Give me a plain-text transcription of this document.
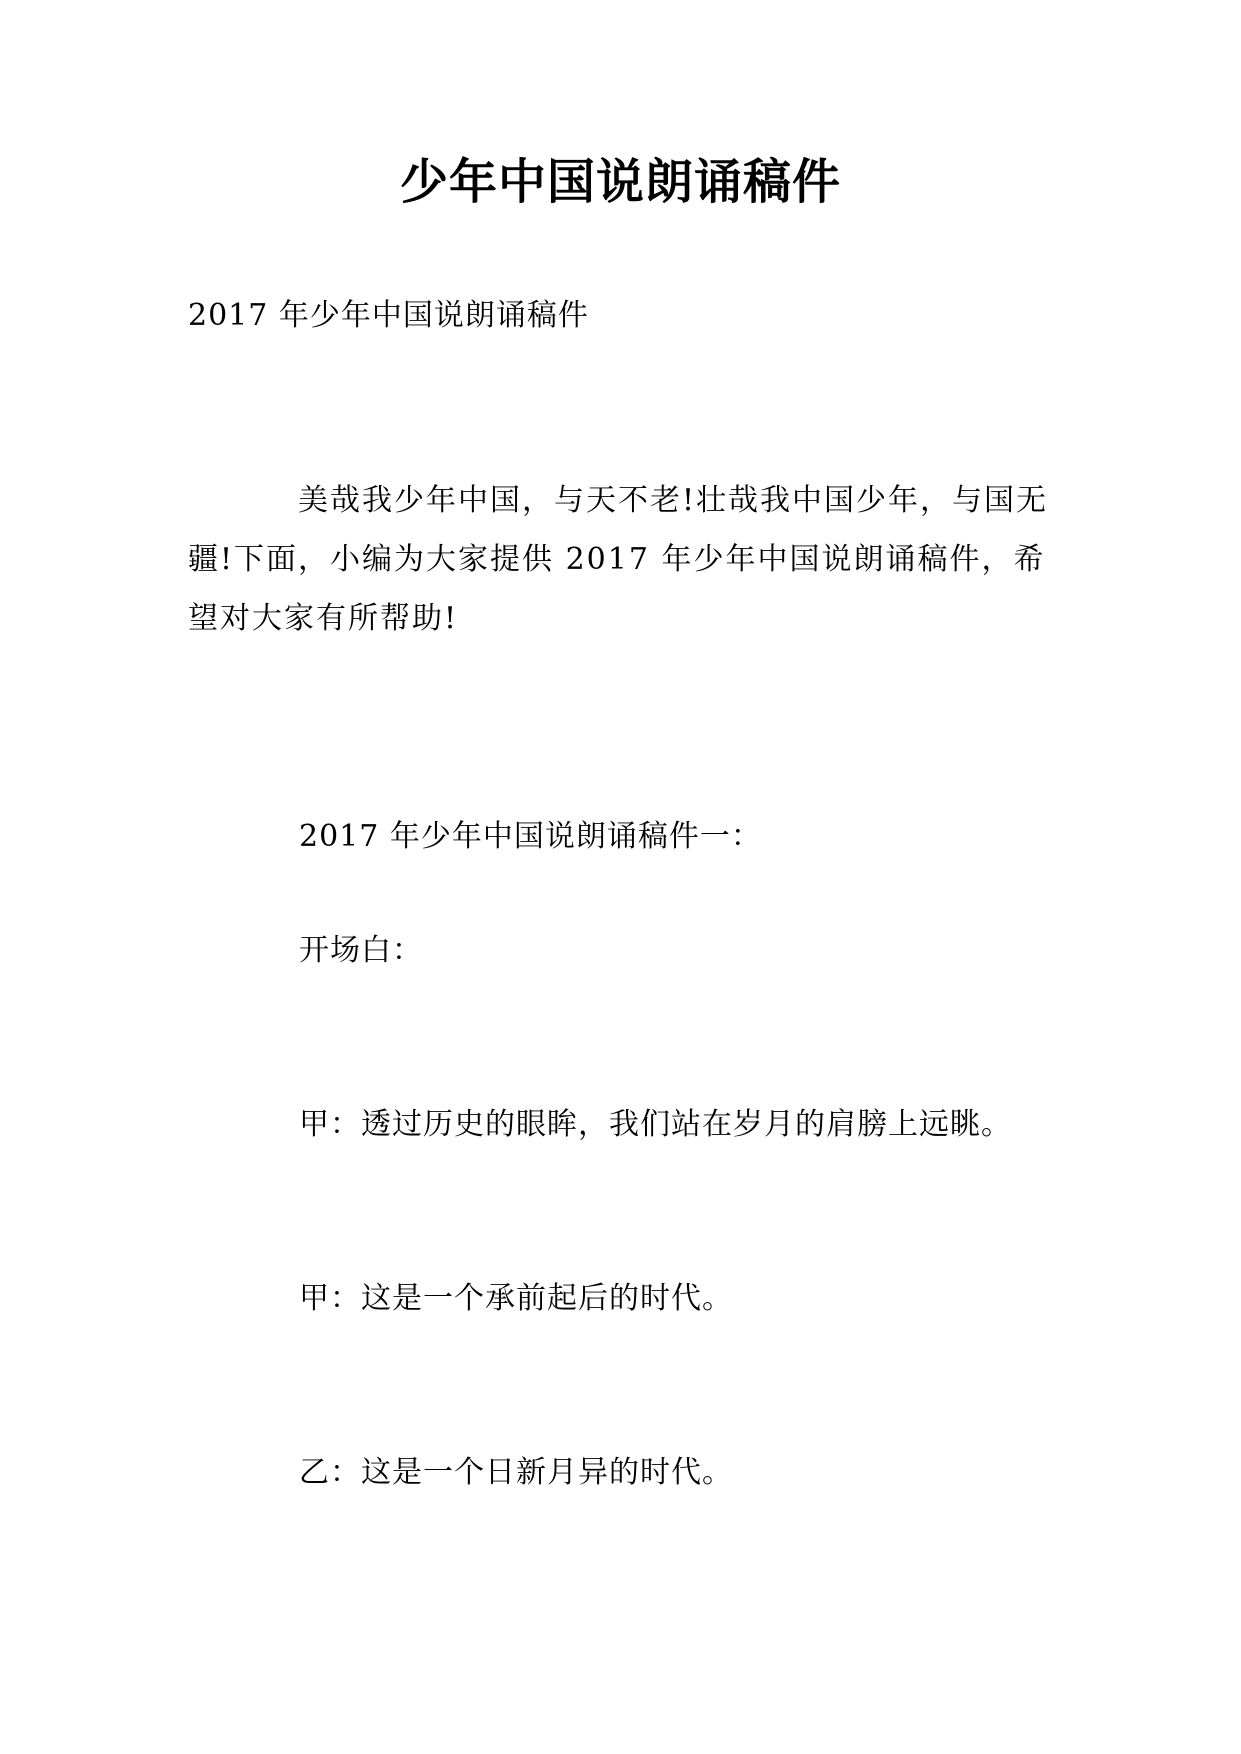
少年中国说朗诵稿件
2017 年少年中国说朗诵稿件
美哉我少年中国，与天不老!壮哉我中国少年，与国无疆!下面，小编为大家提供 2017 年少年中国说朗诵稿件，希望对大家有所帮助!
2017 年少年中国说朗诵稿件一：
开场白：
甲：透过历史的眼眸，我们站在岁月的肩膀上远眺。
甲：这是一个承前起后的时代。
乙：这是一个日新月异的时代。
